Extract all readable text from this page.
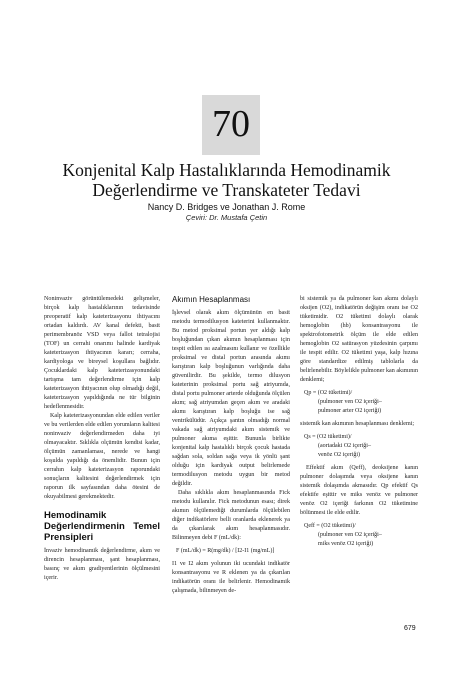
70
Konjenital Kalp Hastalıklarında Hemodinamik
Değerlendirme ve Transkateter Tedavi
Nancy D. Bridges ve Jonathan J. Rome
Çeviri: Dr. Mustafa Çetin

Noninvaziv görüntülemedeki gelişmeler, birçok kalp hastalıklarının tedavisinde preoperatif kalp kateterizasyonu ihtiyacını ortadan kaldırdı. AV kanal defekti, basit perimembranöz VSD veya fallot tetralojisi (TOF) un cerrahi onarımı halinde kardiyak kateterizasyon ihtiyacının kararı; cerraha, kardiyologa ve bireysel koşullara bağlıdır. Çocuklardaki kalp kateterizasyonundaki tartışma tam değerlendirme için kalp kateterizasyon ihtiyacının olup olmadığı değil, kateterizasyon yapıldığında ne tür bilginin hedeflenmesidir.

Kalp kateterizasyonundan elde edilen veriler ve bu verilerden elde edilen yorumların kalitesi noninvaziv değerlendirmeden daha iyi olmayacaktır. Sıklıkla olçümün kendisi kadar, ölçümün zamanlaması, nerede ve hangi koşulda yapıldığı da önemlidir. Bunun için cerrahın kalp kateterizasyon raporundaki sonuçların kalitesini değerlendirmek için raporun ilk sayfasından daha ötesini de okuyabilmesi gerekmektedir.

Hemodinamik Değerlendirmenin Temel Prensipleri

İnvaziv hemodinamik değerlendirme, akım ve direncin hesaplanması, şant hesaplanması, basınç ve akım gradiyentlerinin ölçülmesini içerir.

Akımın Hesaplanması

İşlevsel olarak akım ölçümünün en basit metodu termodilusyon kateterini kullanmaktır. Bu metod proksimal portun yer aldığı kalp boşluğundan çıkan akımın hesaplanması için tespit edilen ısı azalmasını kullanır ve özellikle proksimal ve distal portun arasında akımı karıştıran kalp boşluğunun varlığında daha güvenilirdir. Bu şekilde, termo dilusyon kateterinin proksimal portu sağ atriyumda, distal portu pulmoner arterde olduğunda ölçülen akım; sağ atriyumdan geçen akım ve aradaki akımı karıştıran kalp boşluğu ise sağ ventrikülüdür. Açıkça şantın olmadığı normal vakada sağ atriyumdaki akım sistemik ve pulmoner akıma eşittir. Bununla birlikte konjenital kalp hastalıklı birçok çocuk hastada sağdan sola, soldan sağa veya ik yönlü şant olduğu için kardiyak output belirlemede termodilusyon metodu uygun bir metod değildir.

Daha sıklıkla akım hesaplanmasında Fick metodu kullanılır. Fick metodunun esası; direk akımın ölçülemediği durumlarda ölçülebilen diğer indikatörlere belli oranlarda eklenerek ya da çıkarılarak akım hesaplanmasıdır. Bilinmeyen debi F (mL/dk):

F (mL/dk) = R(mg/dk) / [I2-I1 (mg/mL)]

I1 ve I2 akım yolunun iki ucundaki indikatör konsantrasyonu ve R eklenen ya da çıkarılan indikatörün oranı ile belirlenir. Hemodinamik çalışmada, bilinmeyen de-

bi sistemik ya da pulmoner kan akımı dolaylı oksijen (O2), indikatörün değişim oranı ise O2 tüketimidir. O2 tüketimi dolaylı olarak hemoglobin (hb) konsantrasyonu ile spektrofotometrik ölçüm ile elde edilen hemoglobin O2 satürasyon yüzdesinin çarpımı ile tespit edilir. O2 tüketimi yaşa, kalp hızına göre standardize edilmiş tablolarla da belirlenebilir. Böylelikle pulmoner kan akımının denklemi;

Qp = (O2 tüketimi)/
(pulmoner ven O2 içeriği–
pulmoner arter O2 içeriği)

sistemik kan akımının hesaplanması denklemi;

Qs = (O2 tüketimi)/
(aortadaki O2 içeriği–
venöz O2 içeriği)

Effektif akım (Qeff), deoksijene kanın pulmoner dolaşımda veya oksijene kanın sistemik dolaşımda akmasıdır. Qp efektif Qs efektife eşittir ve miks venöz ve pulmoner venöz O2 içeriği farkının O2 tüketimine bölünmesi ile elde edilir.

Qeff = (O2 tüketimi)/
(pulmoner ven O2 içeriği–
miks venöz O2 içeriği)
679
